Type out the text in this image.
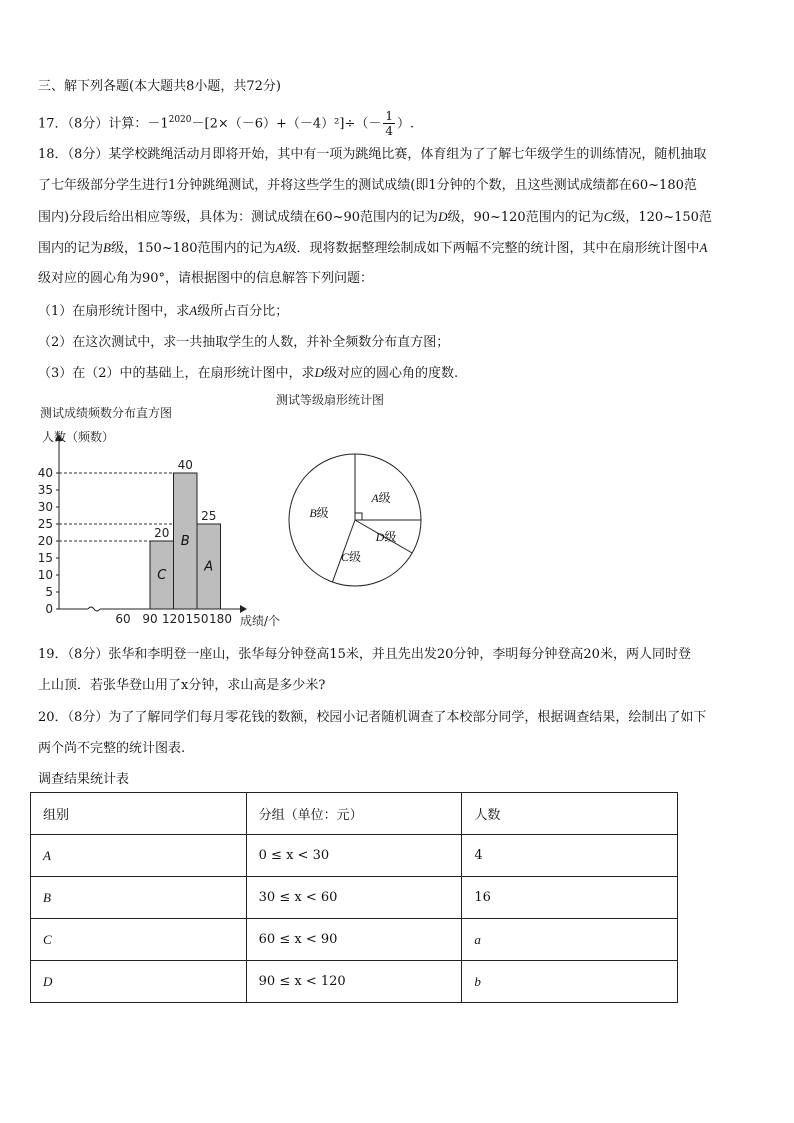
三、解下列各题(本大题共8小题，共72分)
17．（8分）计算：$-1^{2020}-[2\times(-6)+(-4)^2]\div(- \frac{1}{4}$ ）.
18．（8分）某学校跳绳活动月即将开始，其中有一项为跳绳比赛，体育组为了了解七年级学生的训练情况，随机抽取
了七年级部分学生进行1分钟跳绳测试，并将这些学生的测试成绩(即1分钟的个数，且这些测试成绩都在60~180范
围内)分段后给出相应等级，具体为：测试成绩在60~90范围内的记为D级，90~120范围内的记为C级，120~150范
围内的记为B级，150~180范围内的记为A级．现将数据整理绘制成如下两幅不完整的统计图，其中在扇形统计图中A
级对应的圆心角为90°，请根据图中的信息解答下列问题：
（1）在扇形统计图中，求A级所占百分比；
（2）在这次测试中，求一共抽取学生的人数，并补全频数分布直方图；
（3）在（2）中的基础上，在扇形统计图中，求D级对应的圆心角的度数.
测试成绩频数分布直方图
测试等级扇形统计图
人数（频数）
成绩/个
0
5
10
15
20
25
30
35
40
20
C
40
B
25
A
60 90 120 150 180
A级
D级
C级
B级
19．（8分）张华和李明登一座山，张华每分钟登高15米，并且先出发20分钟，李明每分钟登高20米，两人同时登
上山顶．若张华登山用了x分钟，求山高是多少米?
20．（8分）为了了解同学们每月零花钱的数额，校园小记者随机调查了本校部分同学，根据调查结果，绘制出了如下
两个尚不完整的统计图表.
调查结果统计表
组别	分组（单位：元）	人数
A	0 ≤ x < 30	4
B	30 ≤ x < 60	16
C	60 ≤ x < 90	a
D	90 ≤ x < 120	b
